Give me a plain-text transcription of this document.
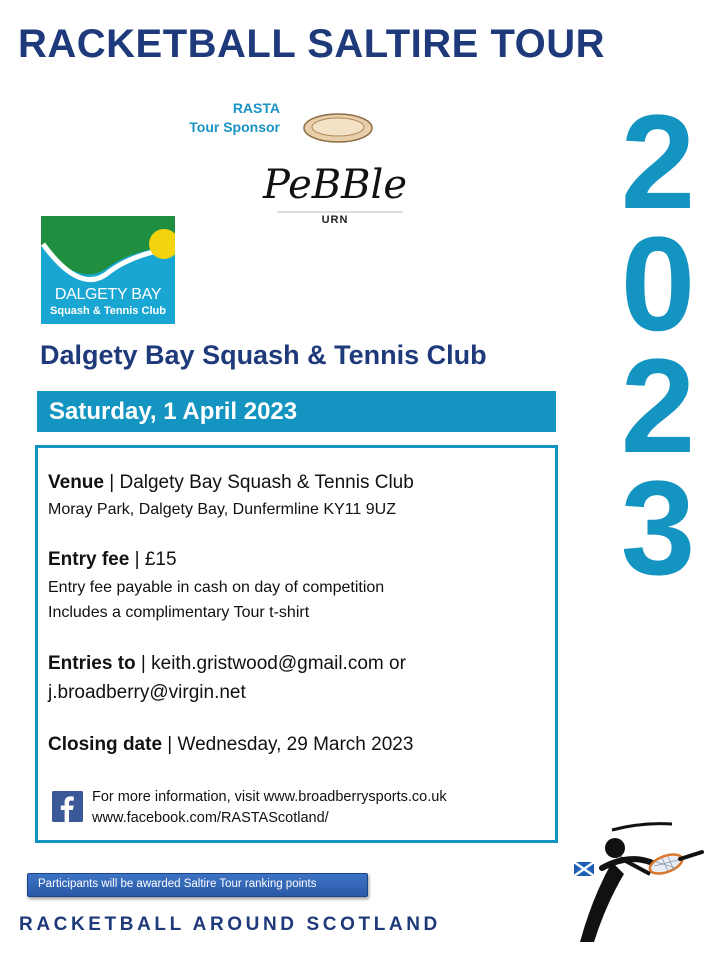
RACKETBALL SALTIRE TOUR
RASTA
Tour Sponsor
PeBBle
URN
DALGETY BAY
Squash & Tennis Club
2
0
2
3
Dalgety Bay Squash & Tennis Club
Saturday, 1 April 2023
Venue | Dalgety Bay Squash & Tennis Club
Moray Park, Dalgety Bay, Dunfermline KY11 9UZ
Entry fee | £15
Entry fee payable in cash on day of competition
Includes a complimentary Tour t-shirt
Entries to | keith.gristwood@gmail.com or
j.broadberry@virgin.net
Closing date | Wednesday, 29 March 2023
For more information, visit www.broadberrysports.co.uk
www.facebook.com/RASTAScotland/
Participants will be awarded Saltire Tour ranking points
RACKETBALL AROUND SCOTLAND
